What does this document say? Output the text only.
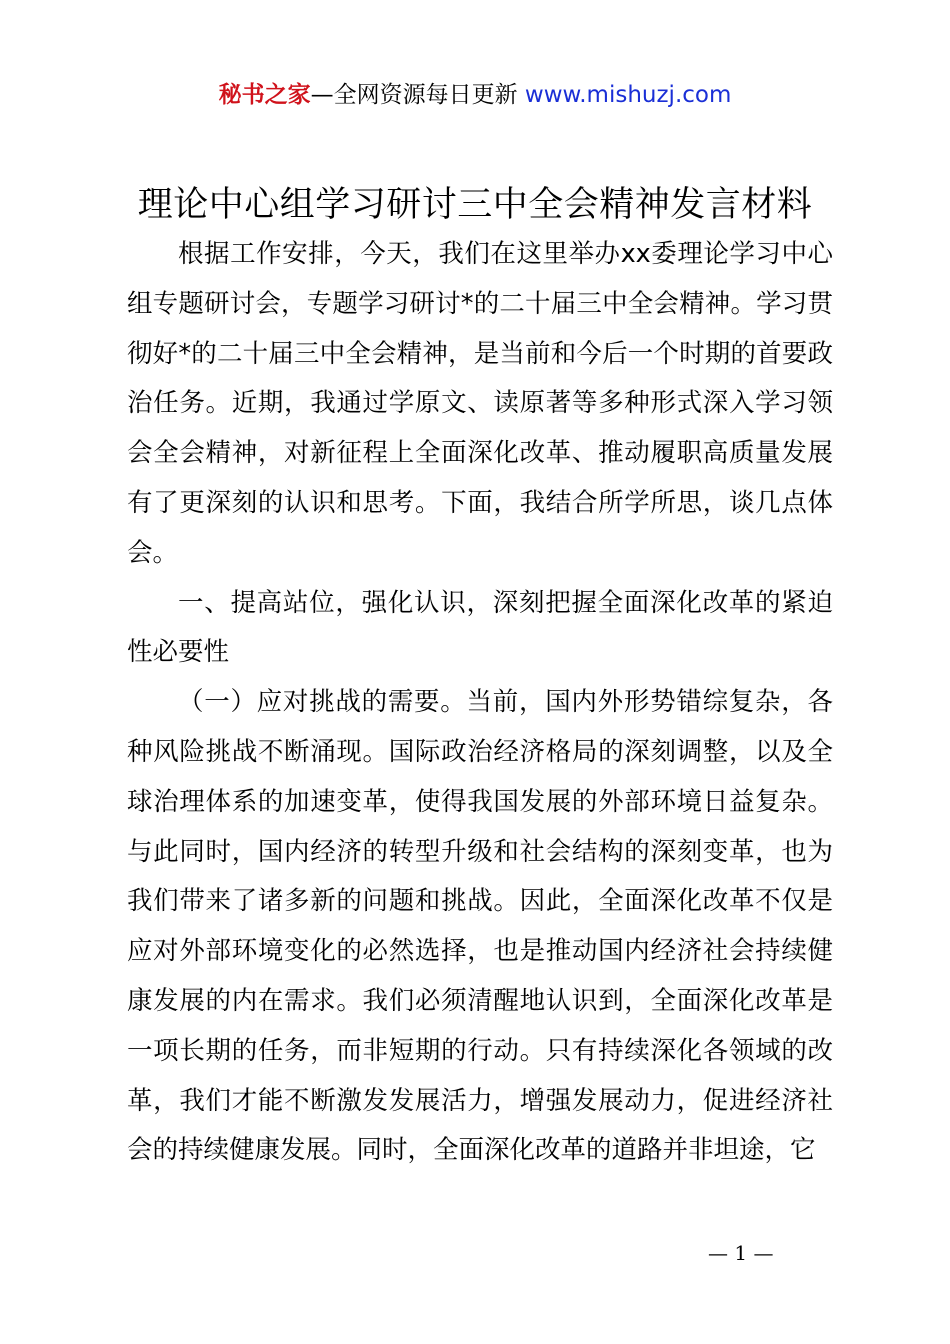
秘书之家—全网资源每日更新 www.mishuzj.com
理论中心组学习研讨三中全会精神发言材料

根据工作安排，今天，我们在这里举办xx委理论学习中心组专题研讨会，专题学习研讨*的二十届三中全会精神。学习贯彻好*的二十届三中全会精神，是当前和今后一个时期的首要政治任务。近期，我通过学原文、读原著等多种形式深入学习领会全会精神，对新征程上全面深化改革、推动履职高质量发展有了更深刻的认识和思考。下面，我结合所学所思，谈几点体会。

一、提高站位，强化认识，深刻把握全面深化改革的紧迫性必要性

（一）应对挑战的需要。当前，国内外形势错综复杂，各种风险挑战不断涌现。国际政治经济格局的深刻调整，以及全球治理体系的加速变革，使得我国发展的外部环境日益复杂。与此同时，国内经济的转型升级和社会结构的深刻变革，也为我们带来了诸多新的问题和挑战。因此，全面深化改革不仅是应对外部环境变化的必然选择，也是推动国内经济社会持续健康发展的内在需求。我们必须清醒地认识到，全面深化改革是一项长期的任务，而非短期的行动。只有持续深化各领域的改革，我们才能不断激发发展活力，增强发展动力，促进经济社会的持续健康发展。同时，全面深化改革的道路并非坦途，它

— 1 —
